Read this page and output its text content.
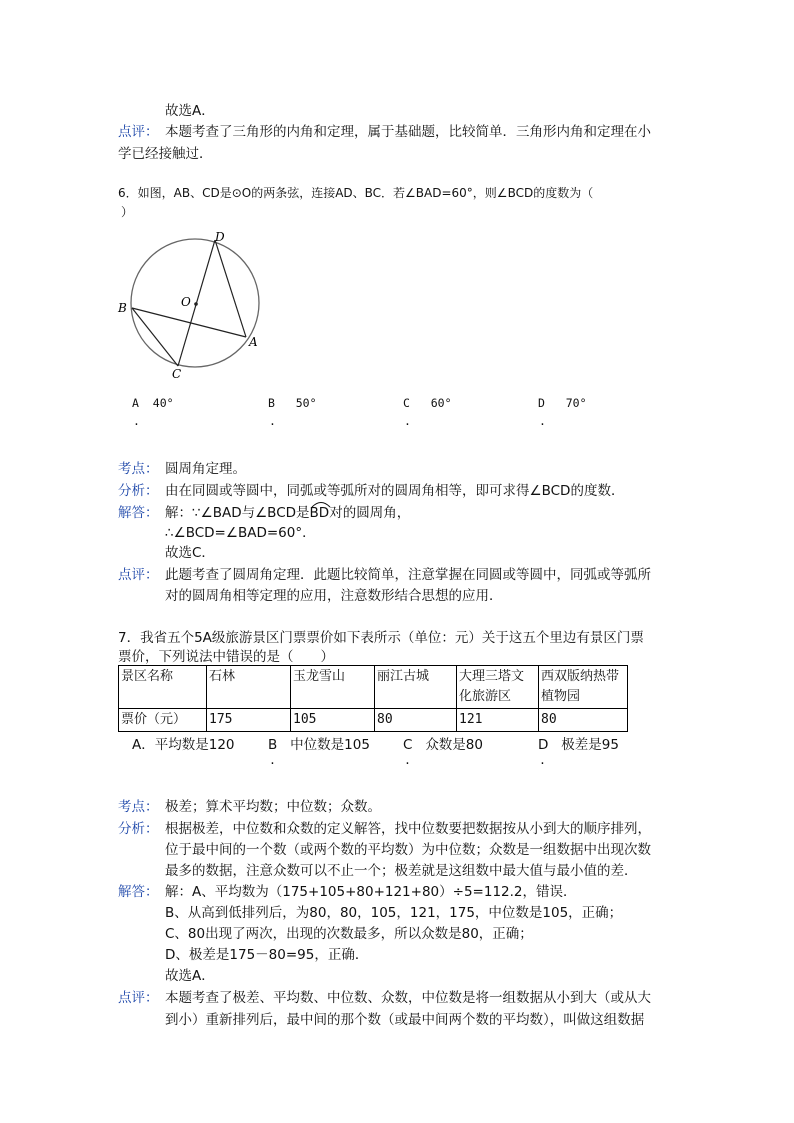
故选A．
点评： 本题考查了三角形的内角和定理，属于基础题，比较简单．三角形内角和定理在小
学已经接触过．
6．如图，AB、CD是⊙O的两条弦，连接AD、BC．若∠BAD=60°，则∠BCD的度数为（
）
D
O
B
A
C
A 40°
.
B 50°
.
C 60°
.
D 70°
.
考点： 圆周角定理。
分析： 由在同圆或等圆中，同弧或等弧所对的圆周角相等，即可求得∠BCD的度数．
解答： 解：∵∠BAD与∠BCD是
BD对的圆周角，
∴∠BCD=∠BAD=60°．
故选C．
点评： 此题考查了圆周角定理．此题比较简单，注意掌握在同圆或等圆中，同弧或等弧所
对的圆周角相等定理的应用，注意数形结合思想的应用．
7．我省五个5A级旅游景区门票票价如下表所示（单位：元）关于这五个里边有景区门票
票价，下列说法中错误的是（　　）
景区名称	石林	玉龙雪山	丽江古城	大理三塔文化旅游区	西双版纳热带植物园
票价（元）	175	105	80	121	80
A．平均数是120 B 中位数是105
.
C 众数是80
.
D 极差是95
.
考点： 极差；算术平均数；中位数；众数。
分析： 根据极差，中位数和众数的定义解答，找中位数要把数据按从小到大的顺序排列，
位于最中间的一个数（或两个数的平均数）为中位数；众数是一组数据中出现次数
最多的数据，注意众数可以不止一个；极差就是这组数中最大值与最小值的差．
解答： 解：A、平均数为（175+105+80+121+80）÷5=112.2，错误．
B、从高到低排列后，为80，80，105，121，175，中位数是105，正确；
C、80出现了两次，出现的次数最多，所以众数是80，正确；
D、极差是175－80=95，正确．
故选A．
点评： 本题考查了极差、平均数、中位数、众数，中位数是将一组数据从小到大（或从大
到小）重新排列后，最中间的那个数（或最中间两个数的平均数），叫做这组数据
